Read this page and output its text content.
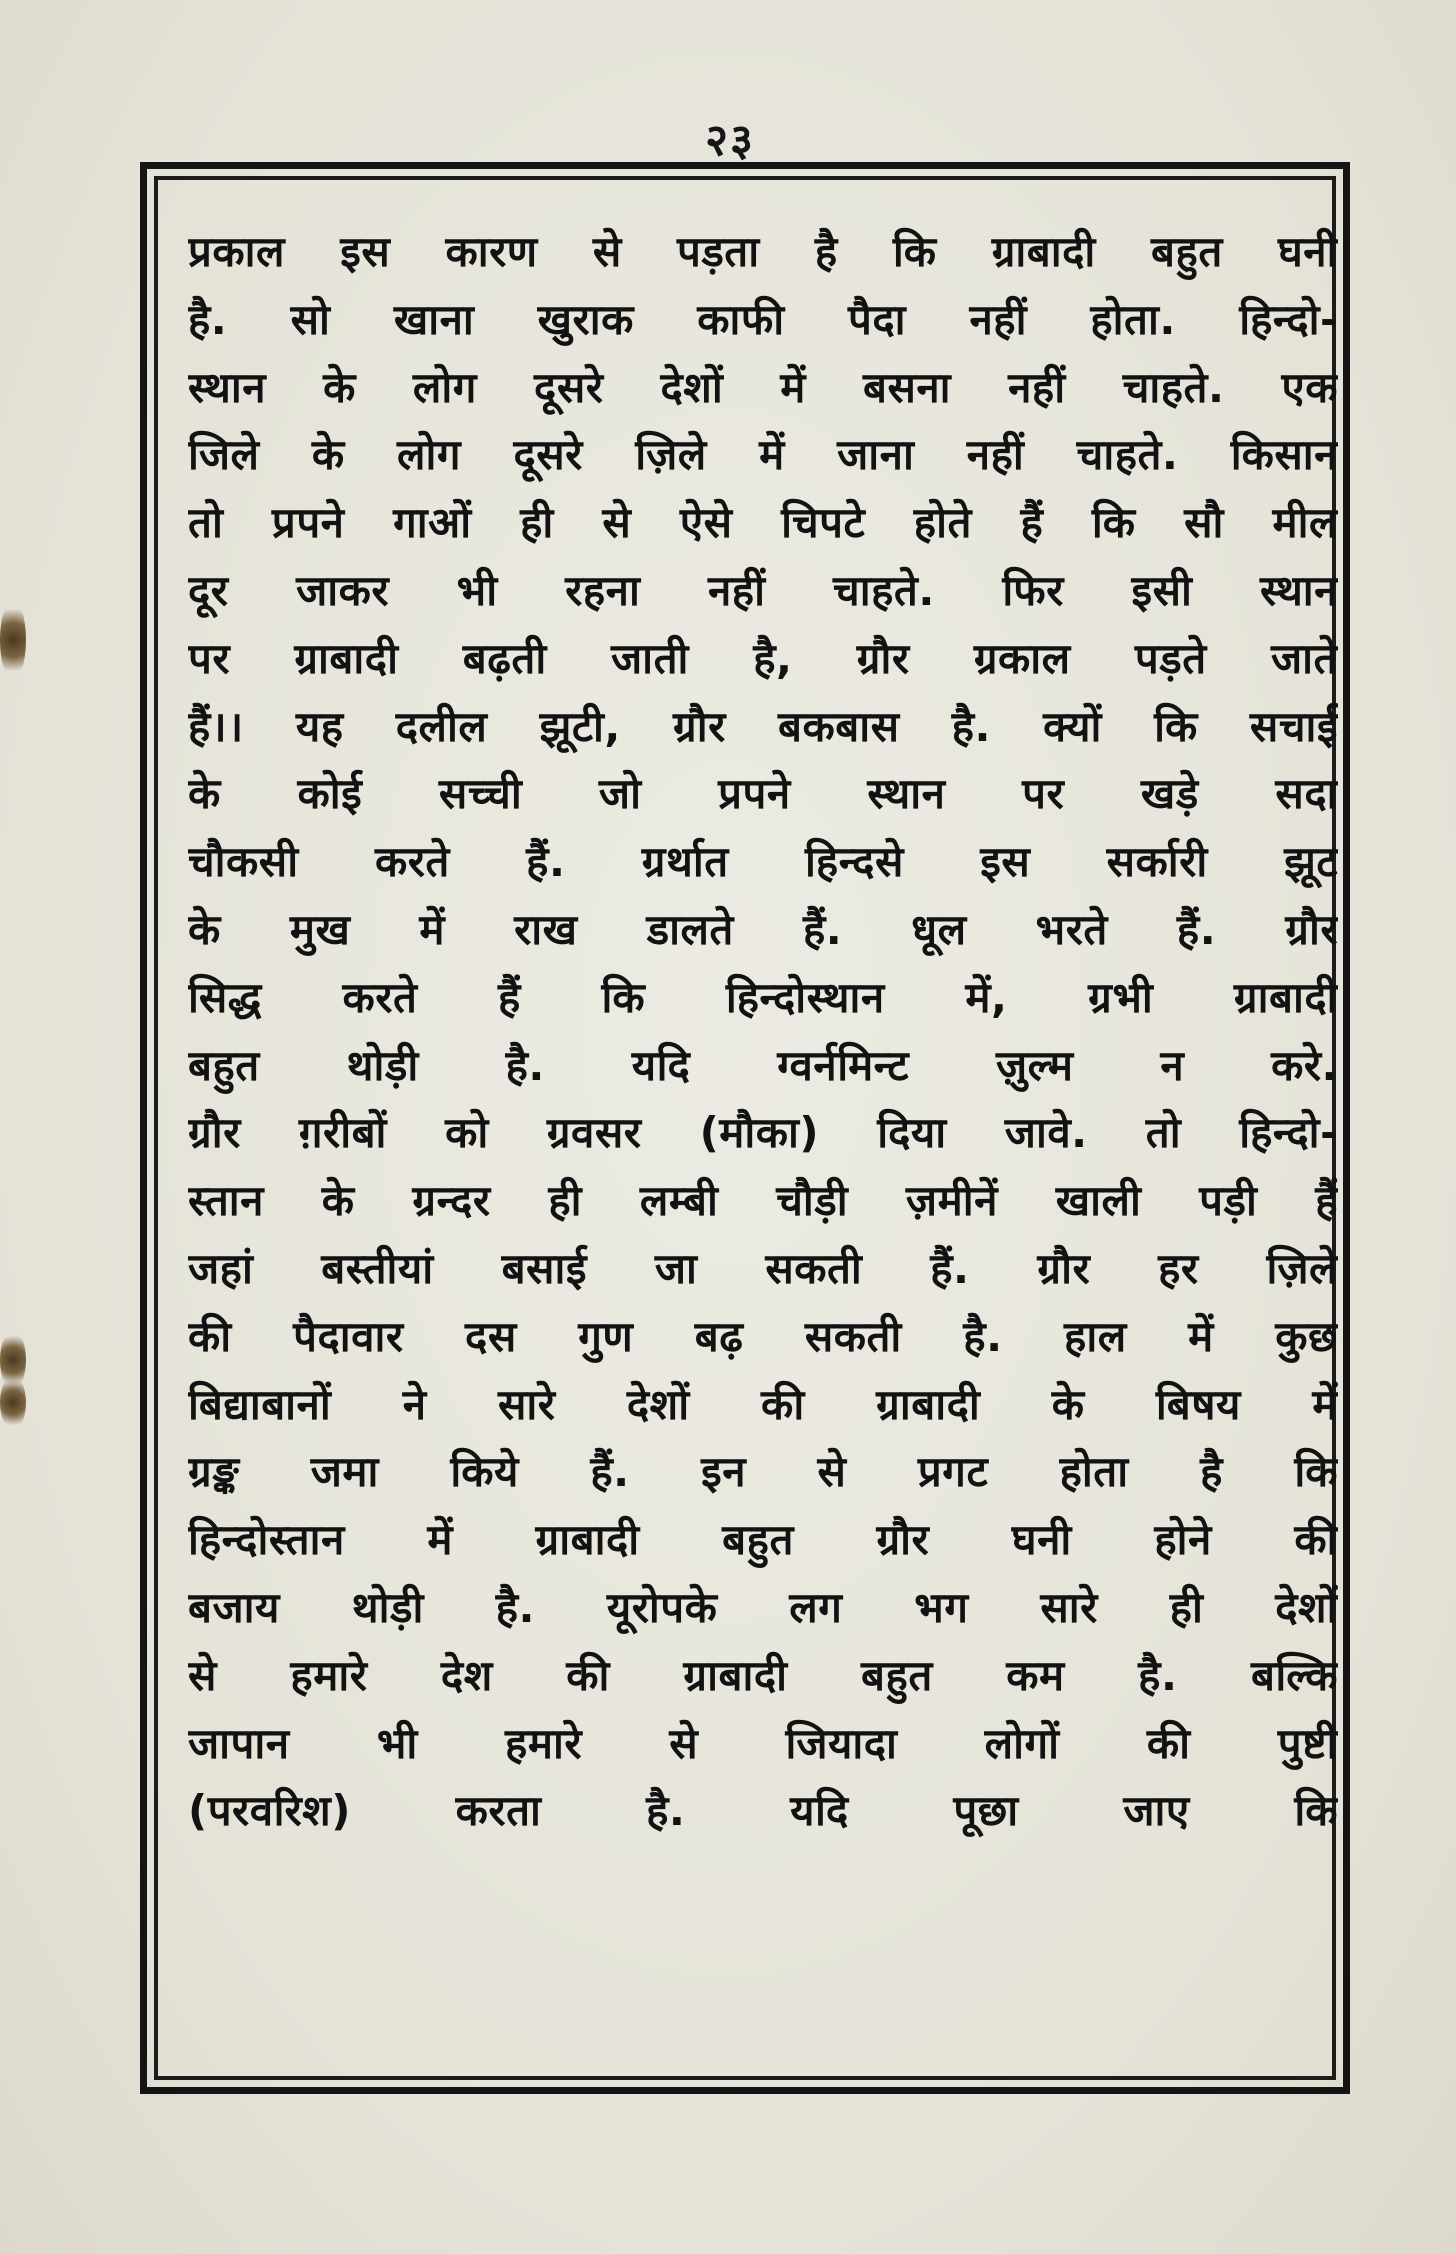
२३
प्रकाल इस कारण से पड़ता है कि ग्राबादी बहुत घनी
है. सो खाना खुराक काफी पैदा नहीं होता. हिन्दो-
स्थान के लोग दूसरे देशों में बसना नहीं चाहते. एक
जिले के लोग दूसरे ज़िले में जाना नहीं चाहते. किसान
तो प्रपने गाओं ही से ऐसे चिपटे होते हैं कि सौ मील
दूर जाकर भी रहना नहीं चाहते. फिर इसी स्थान
पर ग्राबादी बढ़ती जाती है, ग्रौर ग्रकाल पड़ते जाते
हैं।। यह दलील झूटी, ग्रौर बकबास है. क्यों कि सचाई
के कोई सच्ची जो प्रपने स्थान पर खड़े सदा
चौकसी करते हैं. ग्रर्थात हिन्दसे इस सर्कारी झूट
के मुख में राख डालते हैं. धूल भरते हैं. ग्रौर
सिद्ध करते हैं कि हिन्दोस्थान में, ग्रभी ग्राबादी
बहुत थोड़ी है. यदि ग्वर्नमिन्ट ज़ुल्म न करे.
ग्रौर ग़रीबों को ग्रवसर (मौका) दिया जावे. तो हिन्दो-
स्तान के ग्रन्दर ही लम्बी चौड़ी ज़मीनें खाली पड़ी हैं
जहां बस्तीयां बसाई जा सकती हैं. ग्रौर हर ज़िले
की पैदावार दस गुण बढ़ सकती है. हाल में कुछ
बिद्याबानों ने सारे देशों की ग्राबादी के बिषय में
ग्रङ्क जमा किये हैं. इन से प्रगट होता है कि
हिन्दोस्तान में ग्राबादी बहुत ग्रौर घनी होने की
बजाय थोड़ी है. यूरोपके लग भग सारे ही देशों
से हमारे देश की ग्राबादी बहुत कम है. बल्कि
जापान भी हमारे से जियादा लोगों की पुष्टी
(परवरिश) करता है. यदि पूछा जाए कि
